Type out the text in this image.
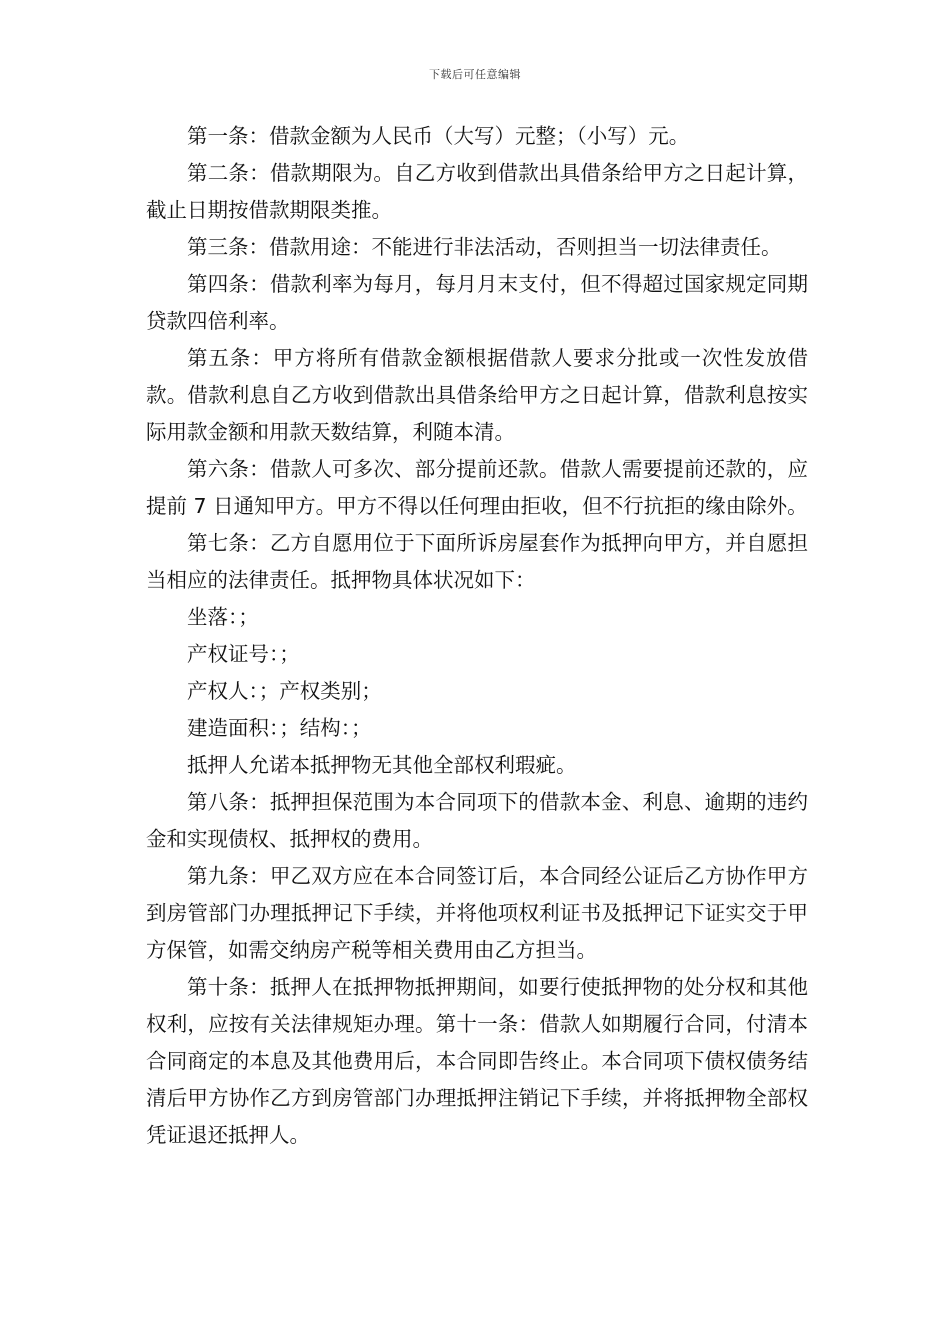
下载后可任意编辑

第一条：借款金额为人民币（大写）元整；（小写）元。

第二条：借款期限为。自乙方收到借款出具借条给甲方之日起计算，截止日期按借款期限类推。

第三条：借款用途：不能进行非法活动，否则担当一切法律责任。

第四条：借款利率为每月，每月月末支付，但不得超过国家规定同期贷款四倍利率。

第五条：甲方将所有借款金额根据借款人要求分批或一次性发放借款。借款利息自乙方收到借款出具借条给甲方之日起计算，借款利息按实际用款金额和用款天数结算，利随本清。

第六条：借款人可多次、部分提前还款。借款人需要提前还款的，应提前 7 日通知甲方。甲方不得以任何理由拒收，但不行抗拒的缘由除外。

第七条：乙方自愿用位于下面所诉房屋套作为抵押向甲方，并自愿担当相应的法律责任。抵押物具体状况如下：

坐落：；

产权证号：；

产权人：；产权类别；

建造面积：；结构：；

抵押人允诺本抵押物无其他全部权利瑕疵。

第八条：抵押担保范围为本合同项下的借款本金、利息、逾期的违约金和实现债权、抵押权的费用。

第九条：甲乙双方应在本合同签订后，本合同经公证后乙方协作甲方到房管部门办理抵押记下手续，并将他项权利证书及抵押记下证实交于甲方保管，如需交纳房产税等相关费用由乙方担当。

第十条：抵押人在抵押物抵押期间，如要行使抵押物的处分权和其他权利，应按有关法律规矩办理。第十一条：借款人如期履行合同，付清本合同商定的本息及其他费用后，本合同即告终止。本合同项下债权债务结清后甲方协作乙方到房管部门办理抵押注销记下手续，并将抵押物全部权凭证退还抵押人。
